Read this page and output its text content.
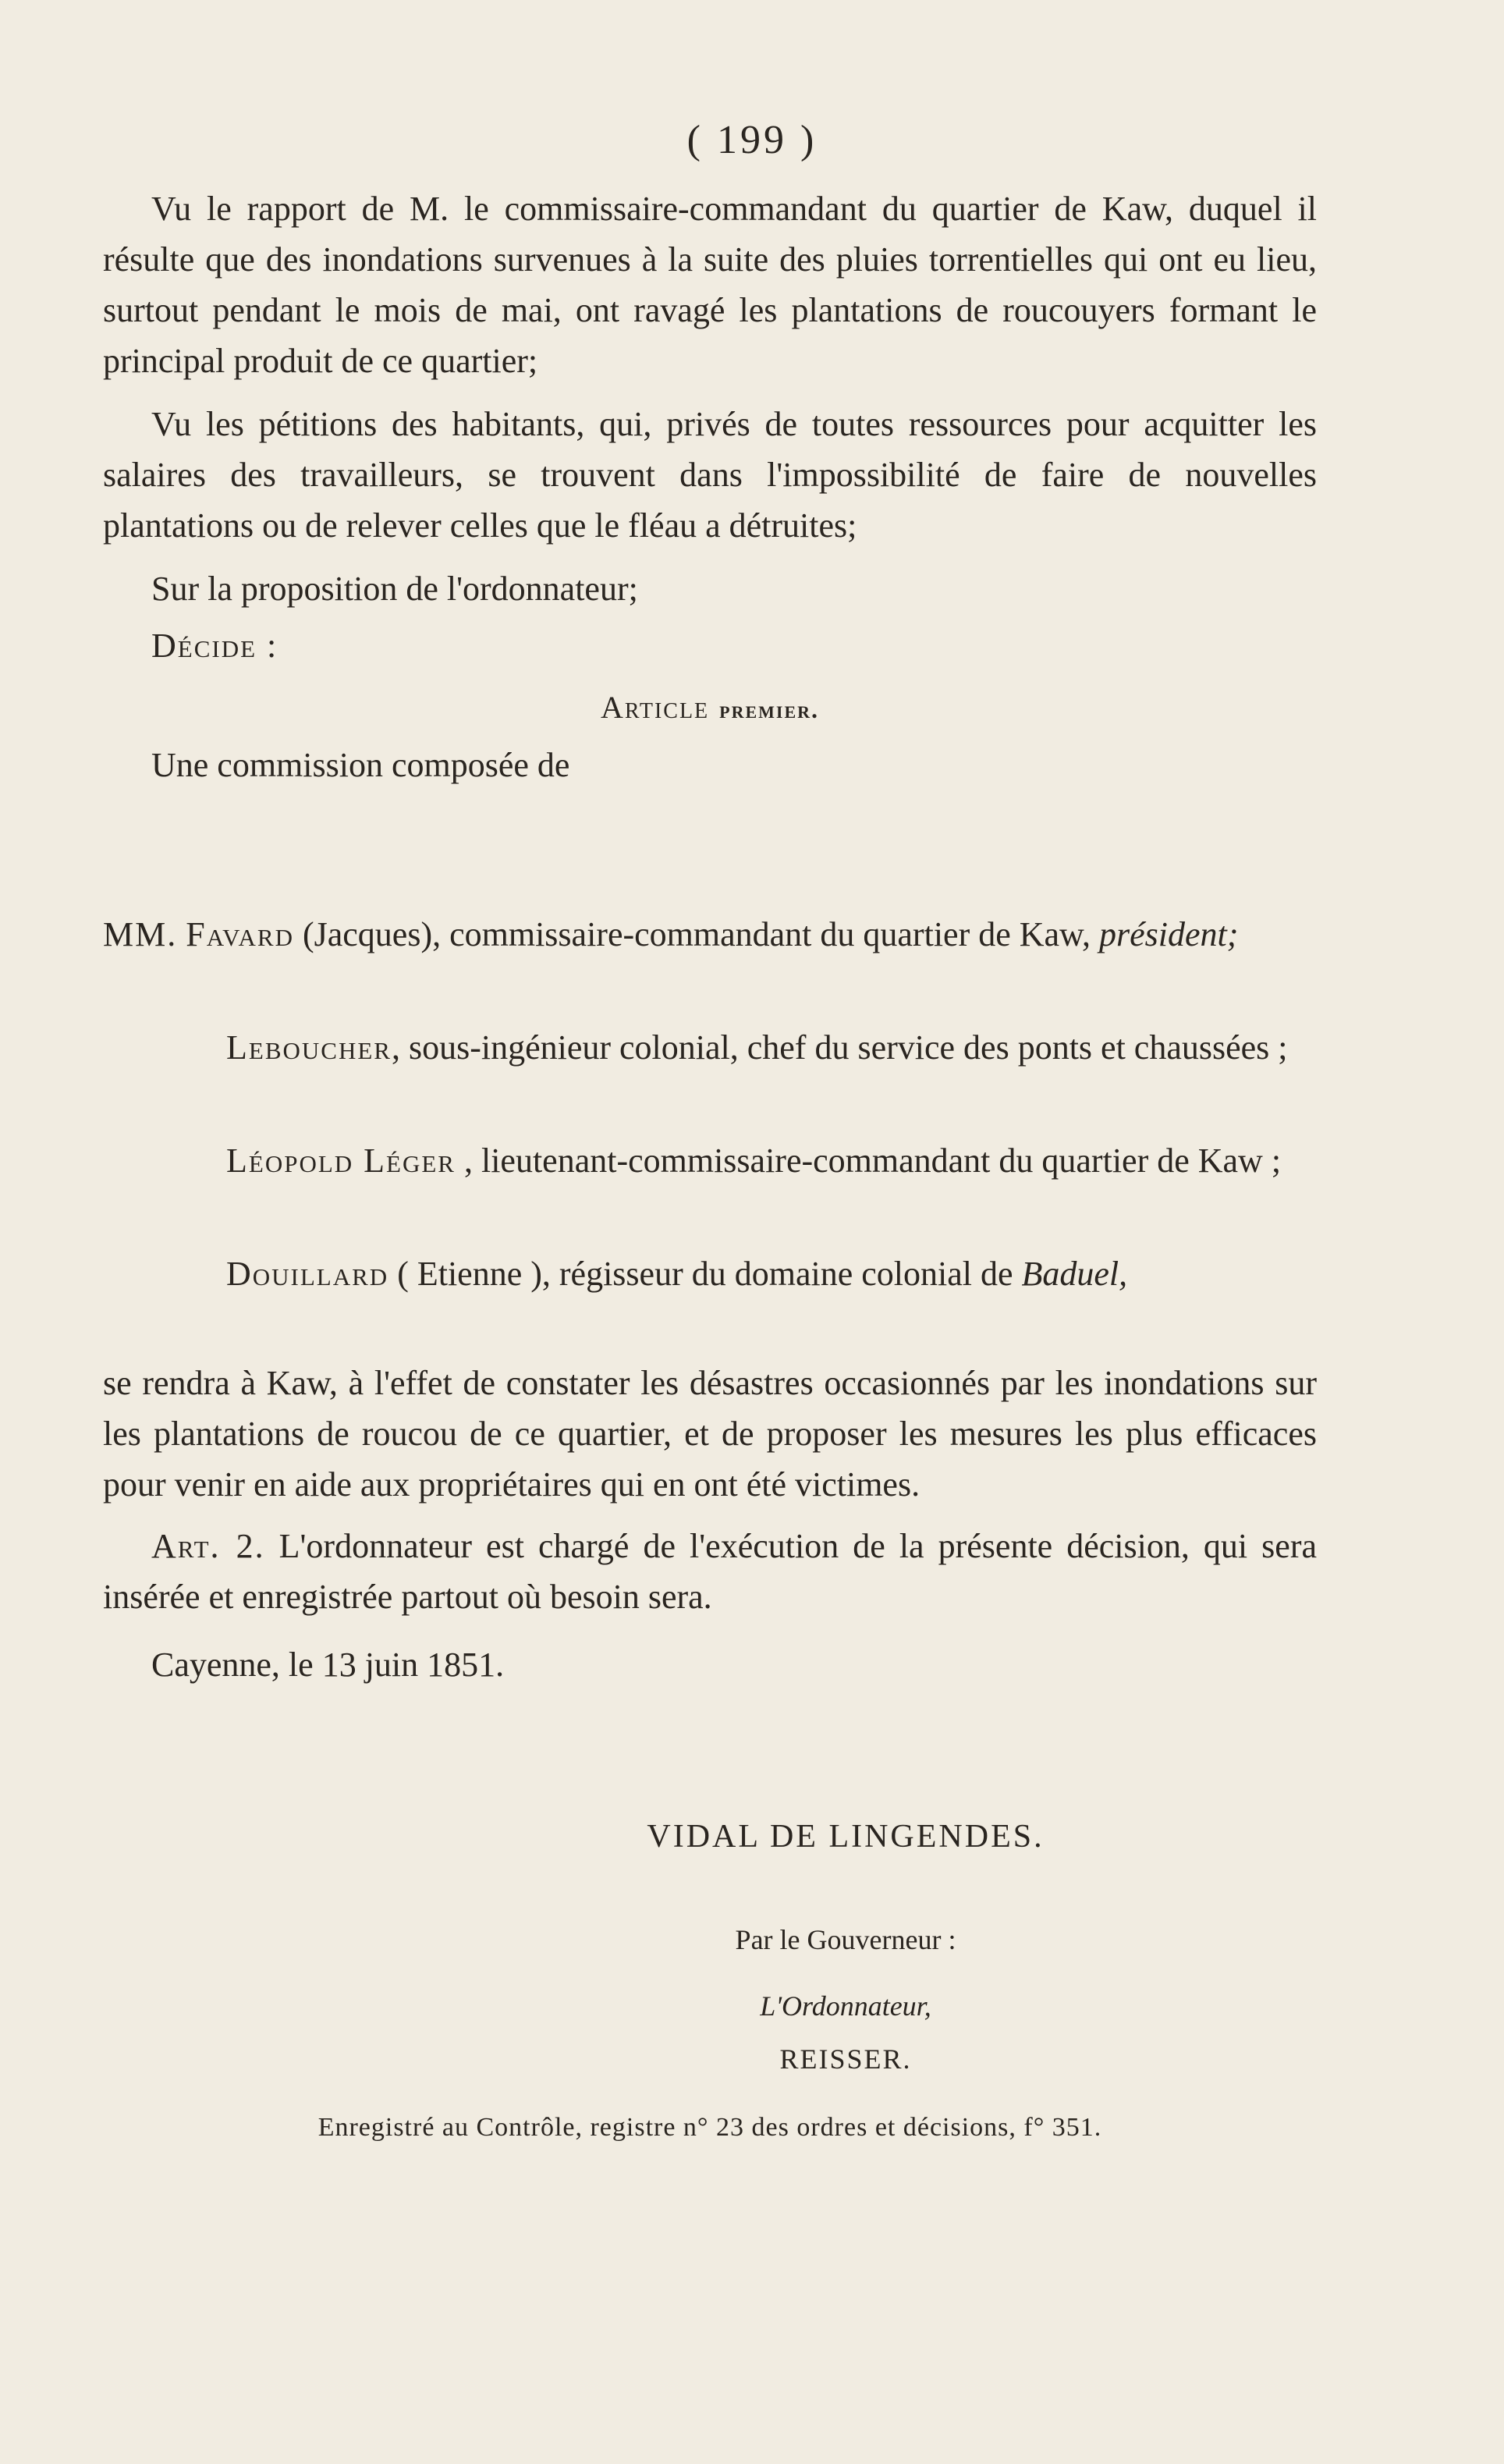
( 199 )

Vu le rapport de M. le commissaire-commandant du quartier de Kaw, duquel il résulte que des inondations survenues à la suite des pluies torrentielles qui ont eu lieu, surtout pendant le mois de mai, ont ravagé les plantations de roucouyers formant le principal produit de ce quartier;

Vu les pétitions des habitants, qui, privés de toutes ressources pour acquitter les salaires des travailleurs, se trouvent dans l'impossibilité de faire de nouvelles plantations ou de relever celles que le fléau a détruites;

Sur la proposition de l'ordonnateur;

Décide :

Article premier.

Une commission composée de

MM. Favard (Jacques), commissaire-commandant du quartier de Kaw, président;
Leboucher, sous-ingénieur colonial, chef du service des ponts et chaussées ;
Léopold Léger , lieutenant-commissaire-commandant du quartier de Kaw ;
Douillard ( Etienne ), régisseur du domaine colonial de Baduel,

se rendra à Kaw, à l'effet de constater les désastres occasionnés par les inondations sur les plantations de roucou de ce quartier, et de proposer les mesures les plus efficaces pour venir en aide aux propriétaires qui en ont été victimes.

Art. 2. L'ordonnateur est chargé de l'exécution de la présente décision, qui sera insérée et enregistrée partout où besoin sera.

Cayenne, le 13 juin 1851.

VIDAL DE LINGENDES.
Par le Gouverneur :
L'Ordonnateur,
REISSER.
Enregistré au Contrôle, registre n° 23 des ordres et décisions, f° 351.
